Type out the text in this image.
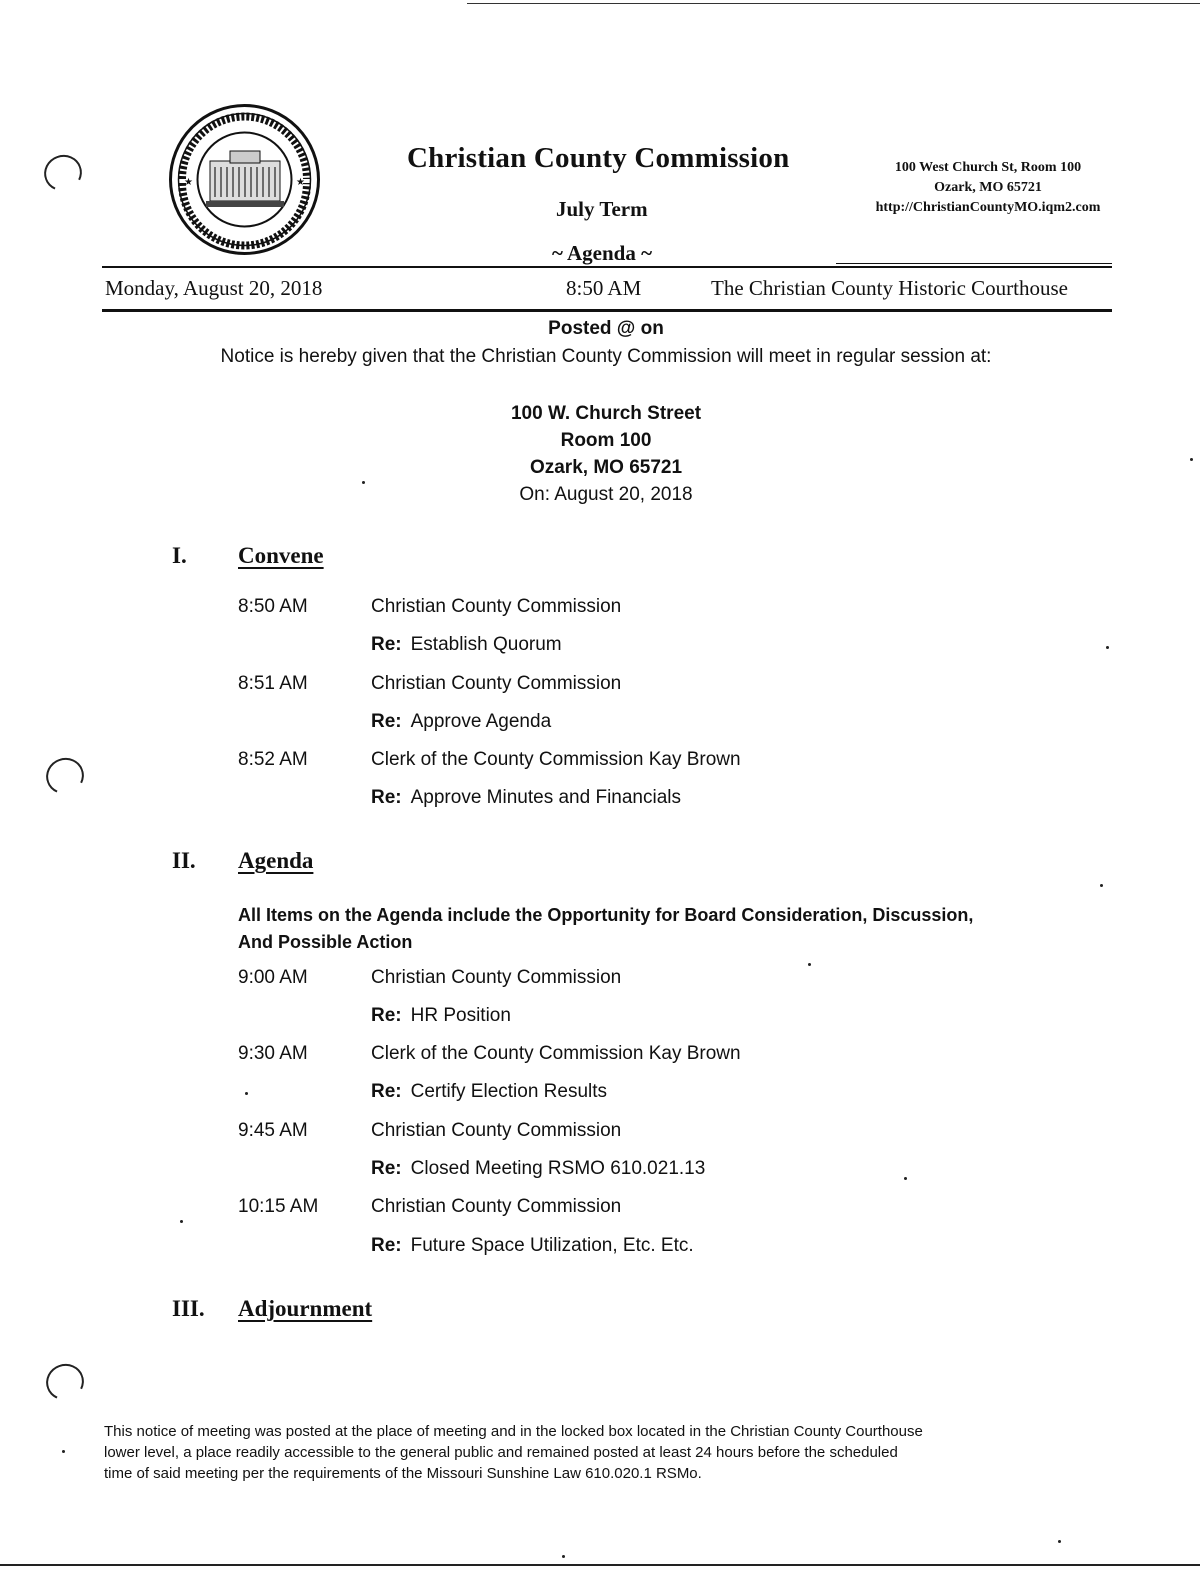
★	★
Christian County Commission
July Term
~ Agenda ~
100 West Church St, Room 100
Ozark, MO 65721
http://ChristianCountyMO.iqm2.com
Monday, August 20, 2018	8:50 AM	The Christian County Historic Courthouse
Posted @ on
Notice is hereby given that the Christian County Commission will meet in regular session at:
100 W. Church Street
Room 100
Ozark, MO 65721
On: August 20, 2018
I. Convene
8:50 AM	Christian County Commission
Re: Establish Quorum
8:51 AM	Christian County Commission
Re: Approve Agenda
8:52 AM	Clerk of the County Commission Kay Brown
Re: Approve Minutes and Financials
II. Agenda
All Items on the Agenda include the Opportunity for Board Consideration, Discussion,
And Possible Action
9:00 AM	Christian County Commission
Re: HR Position
9:30 AM	Clerk of the County Commission Kay Brown
Re: Certify Election Results
9:45 AM	Christian County Commission
Re: Closed Meeting RSMO 610.021.13
10:15 AM	Christian County Commission
Re: Future Space Utilization, Etc. Etc.
III. Adjournment
This notice of meeting was posted at the place of meeting and in the locked box located in the Christian County Courthouse
lower level, a place readily accessible to the general public and remained posted at least 24 hours before the scheduled
time of said meeting per the requirements of the Missouri Sunshine Law 610.020.1 RSMo.
